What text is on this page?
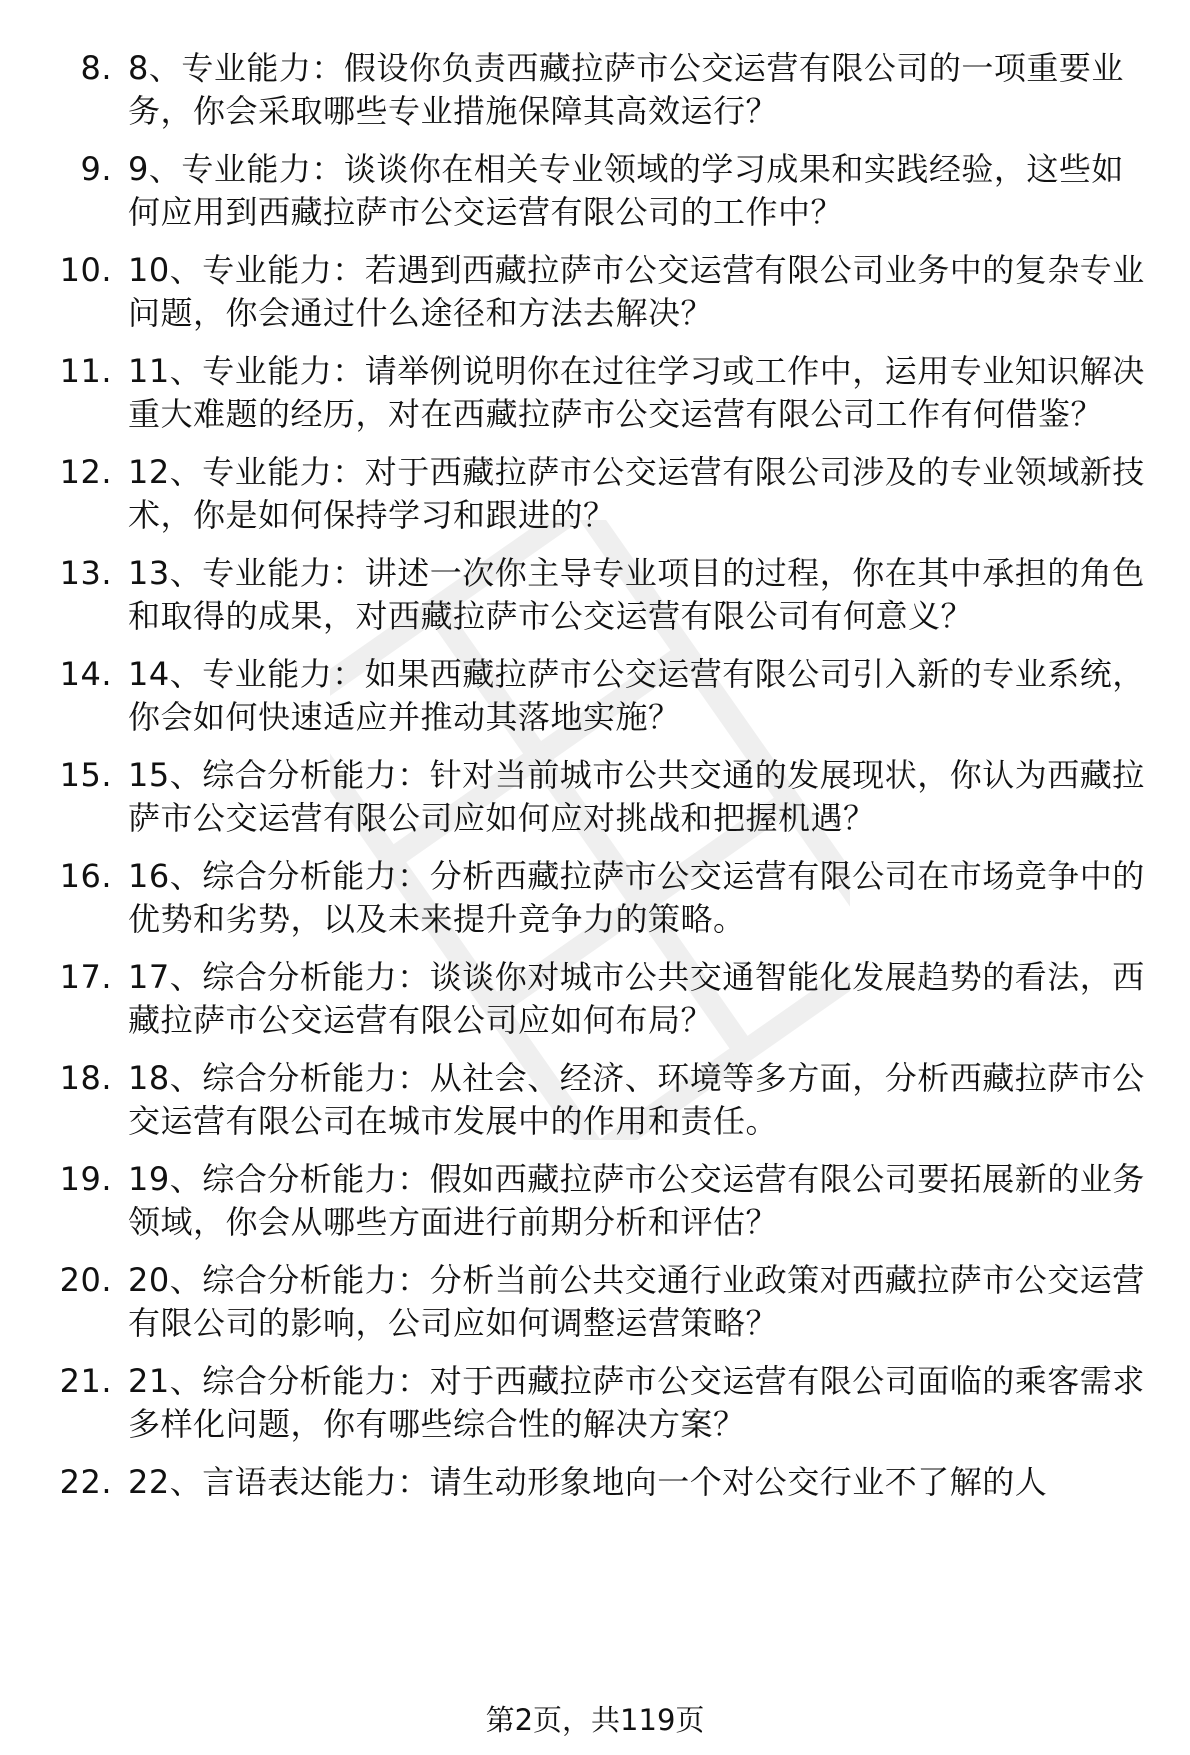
8. 8、专业能力：假设你负责西藏拉萨市公交运营有限公司的一项重要业务，你会采取哪些专业措施保障其高效运行？
9. 9、专业能力：谈谈你在相关专业领域的学习成果和实践经验，这些如何应用到西藏拉萨市公交运营有限公司的工作中？
10. 10、专业能力：若遇到西藏拉萨市公交运营有限公司业务中的复杂专业问题，你会通过什么途径和方法去解决？
11. 11、专业能力：请举例说明你在过往学习或工作中，运用专业知识解决重大难题的经历，对在西藏拉萨市公交运营有限公司工作有何借鉴？
12. 12、专业能力：对于西藏拉萨市公交运营有限公司涉及的专业领域新技术，你是如何保持学习和跟进的？
13. 13、专业能力：讲述一次你主导专业项目的过程，你在其中承担的角色和取得的成果，对西藏拉萨市公交运营有限公司有何意义？
14. 14、专业能力：如果西藏拉萨市公交运营有限公司引入新的专业系统，你会如何快速适应并推动其落地实施？
15. 15、综合分析能力：针对当前城市公共交通的发展现状，你认为西藏拉萨市公交运营有限公司应如何应对挑战和把握机遇？
16. 16、综合分析能力：分析西藏拉萨市公交运营有限公司在市场竞争中的优势和劣势，以及未来提升竞争力的策略。
17. 17、综合分析能力：谈谈你对城市公共交通智能化发展趋势的看法，西藏拉萨市公交运营有限公司应如何布局？
18. 18、综合分析能力：从社会、经济、环境等多方面，分析西藏拉萨市公交运营有限公司在城市发展中的作用和责任。
19. 19、综合分析能力：假如西藏拉萨市公交运营有限公司要拓展新的业务领域，你会从哪些方面进行前期分析和评估？
20. 20、综合分析能力：分析当前公共交通行业政策对西藏拉萨市公交运营有限公司的影响，公司应如何调整运营策略？
21. 21、综合分析能力：对于西藏拉萨市公交运营有限公司面临的乘客需求多样化问题，你有哪些综合性的解决方案？
22. 22、言语表达能力：请生动形象地向一个对公交行业不了解的人
第2页，共119页
